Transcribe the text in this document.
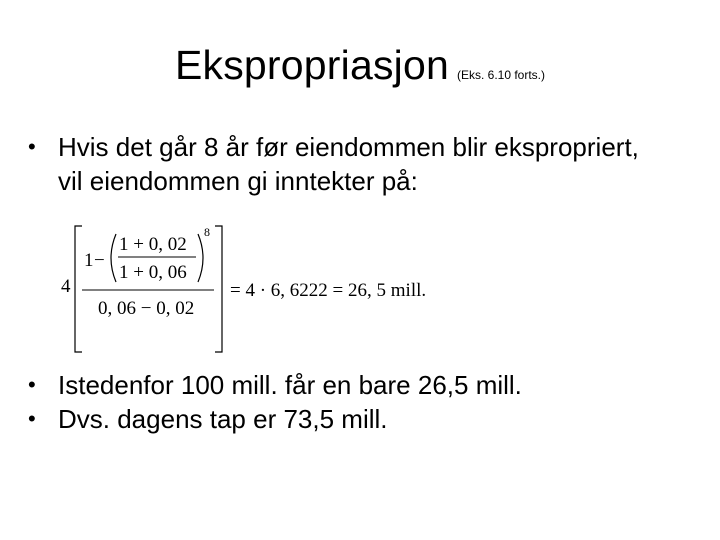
Ekspropriasjon (Eks. 6.10 forts.)
• Hvis det går 8 år før eiendommen blir ekspropriert, vil eiendommen gi inntekter på:
4
1 −
1 + 0, 02
1 + 0, 06
8
0, 06 − 0, 02
= 4 · 6, 6222 = 26, 5 mill.
• Istedenfor 100 mill. får en bare 26,5 mill.
• Dvs. dagens tap er 73,5 mill.
